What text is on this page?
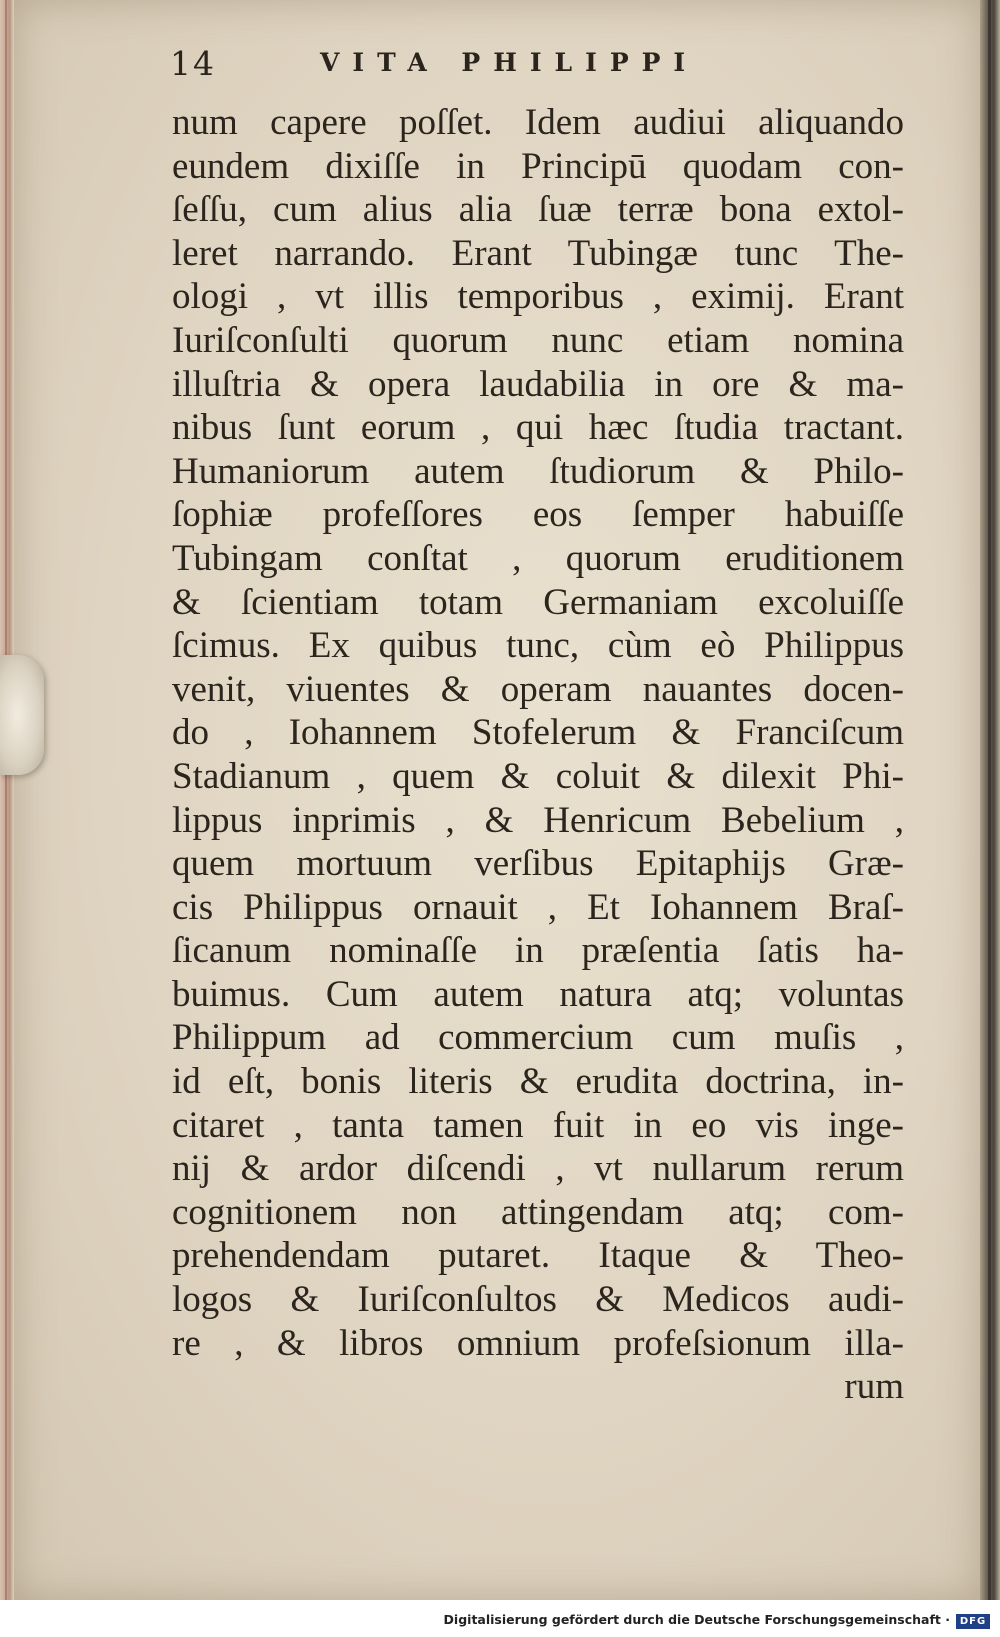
14	VITA PHILIPPI
num capere poſſet. Idem audiui aliquando
eundem dixiſſe in Principū quodam con-
ſeſſu, cum alius alia ſuæ terræ bona extol-
leret narrando. Erant Tubingæ tunc The-
ologi , vt illis temporibus , eximij. Erant
Iuriſconſulti quorum nunc etiam nomina
illuſtria & opera laudabilia in ore & ma-
nibus ſunt eorum , qui hæc ſtudia tractant.
Humaniorum autem ſtudiorum & Philo-
ſophiæ profeſſores eos ſemper habuiſſe
Tubingam conſtat , quorum eruditionem
& ſcientiam totam Germaniam excoluiſſe
ſcimus. Ex quibus tunc, cùm eò Philippus
venit, viuentes & operam nauantes docen-
do , Iohannem Stofelerum & Franciſcum
Stadianum , quem & coluit & dilexit Phi-
lippus inprimis , & Henricum Bebelium ,
quem mortuum verſibus Epitaphijs Græ-
cis Philippus ornauit , Et Iohannem Braſ-
ſicanum nominaſſe in præſentia ſatis ha-
buimus. Cum autem natura atq; voluntas
Philippum ad commercium cum muſis ,
id eſt, bonis literis & erudita doctrina, in-
citaret , tanta tamen fuit in eo vis inge-
nij & ardor diſcendi , vt nullarum rerum
cognitionem non attingendam atq; com-
prehendendam putaret. Itaque & Theo-
logos & Iuriſconſultos & Medicos audi-
re , & libros omnium profeſsionum illa-
rum
Digitalisierung gefördert durch die Deutsche Forschungsgemeinschaft · DFG
